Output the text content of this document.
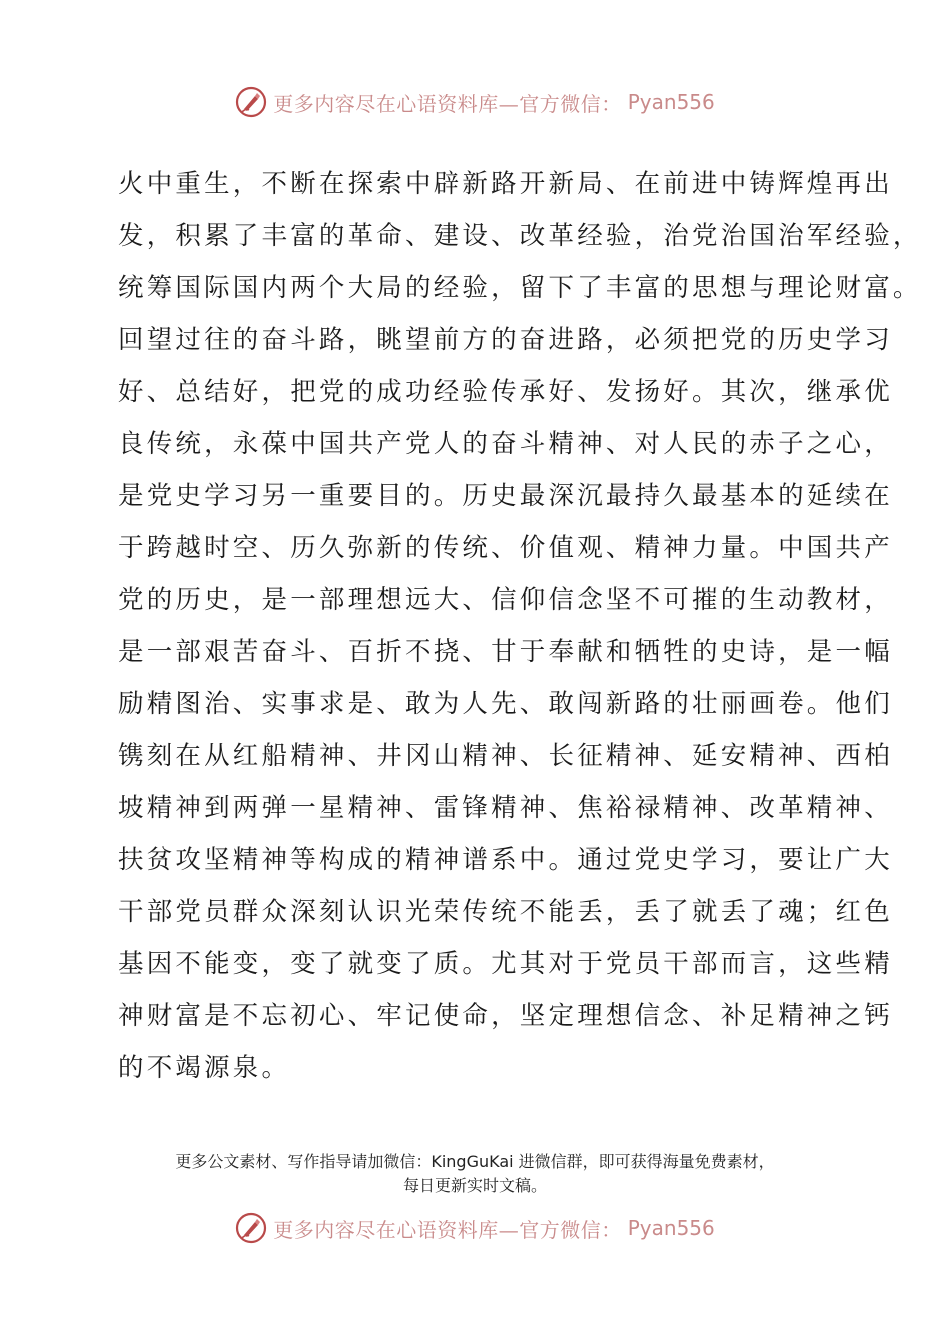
更多内容尽在心语资料库—官方微信： Pyan556
火中重生，不断在探索中辟新路开新局、在前进中铸辉煌再出
发，积累了丰富的革命、建设、改革经验，治党治国治军经验，
统筹国际国内两个大局的经验，留下了丰富的思想与理论财富。
回望过往的奋斗路，眺望前方的奋进路，必须把党的历史学习
好、总结好，把党的成功经验传承好、发扬好。其次，继承优
良传统，永葆中国共产党人的奋斗精神、对人民的赤子之心，
是党史学习另一重要目的。历史最深沉最持久最基本的延续在
于跨越时空、历久弥新的传统、价值观、精神力量。中国共产
党的历史，是一部理想远大、信仰信念坚不可摧的生动教材，
是一部艰苦奋斗、百折不挠、甘于奉献和牺牲的史诗，是一幅
励精图治、实事求是、敢为人先、敢闯新路的壮丽画卷。他们
镌刻在从红船精神、井冈山精神、长征精神、延安精神、西柏
坡精神到两弹一星精神、雷锋精神、焦裕禄精神、改革精神、
扶贫攻坚精神等构成的精神谱系中。通过党史学习，要让广大
干部党员群众深刻认识光荣传统不能丢，丢了就丢了魂；红色
基因不能变，变了就变了质。尤其对于党员干部而言，这些精
神财富是不忘初心、牢记使命，坚定理想信念、补足精神之钙
的不竭源泉。
更多公文素材、写作指导请加微信：KingGuKai 进微信群，即可获得海量免费素材，
每日更新实时文稿。
更多内容尽在心语资料库—官方微信： Pyan556
